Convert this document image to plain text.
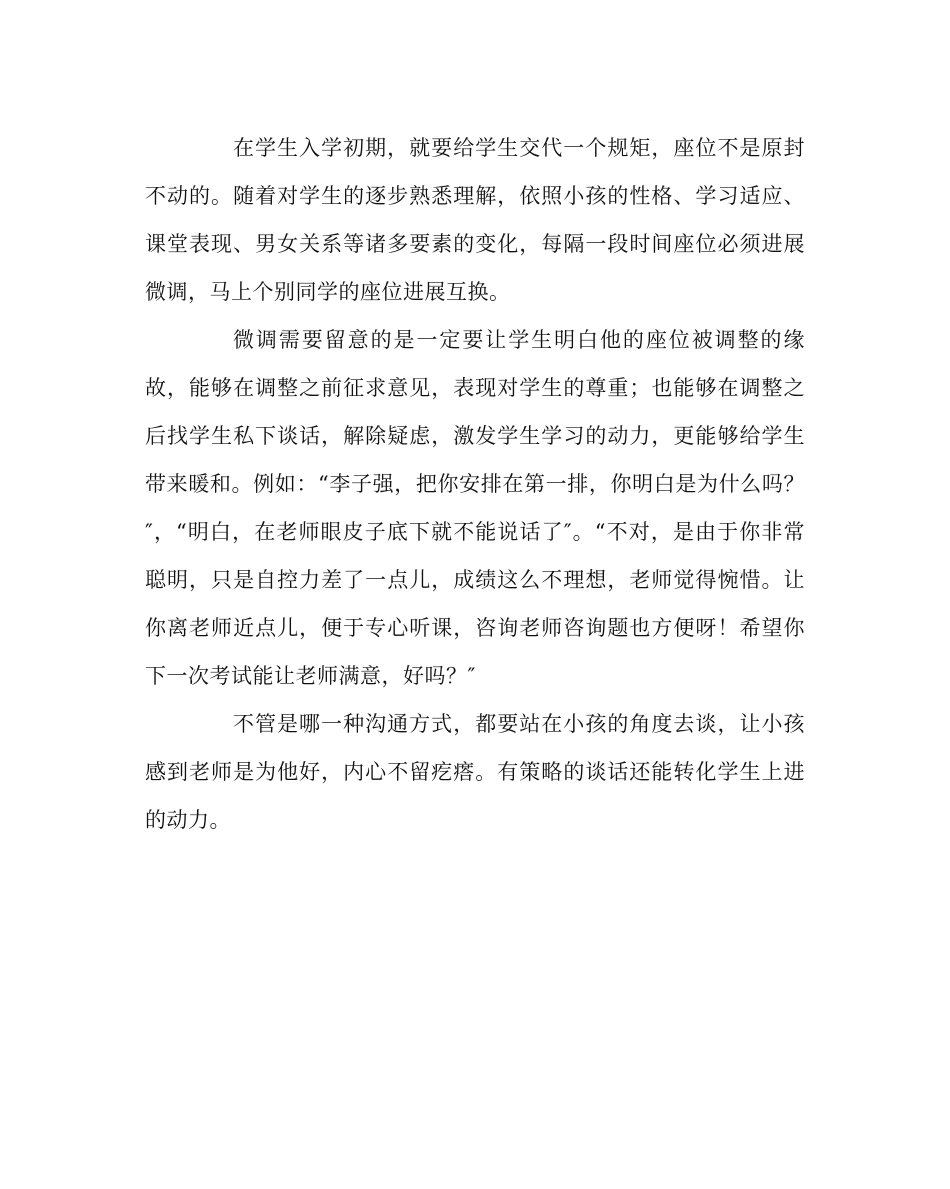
在学生入学初期，就要给学生交代一个规矩，座位不是原封不动的。随着对学生的逐步熟悉理解，依照小孩的性格、学习适应、课堂表现、男女关系等诸多要素的变化，每隔一段时间座位必须进展微调，马上个别同学的座位进展互换。

微调需要留意的是一定要让学生明白他的座位被调整的缘故，能够在调整之前征求意见，表现对学生的尊重；也能够在调整之后找学生私下谈话，解除疑虑，激发学生学习的动力，更能够给学生带来暖和。例如：“李子强，把你安排在第一排，你明白是为什么吗？″，“明白，在老师眼皮子底下就不能说话了″。“不对，是由于你非常聪明，只是自控力差了一点儿，成绩这么不理想，老师觉得惋惜。让你离老师近点儿，便于专心听课，咨询老师咨询题也方便呀！希望你下一次考试能让老师满意，好吗？″

不管是哪一种沟通方式，都要站在小孩的角度去谈，让小孩感到老师是为他好，内心不留疙瘩。有策略的谈话还能转化学生上进的动力。
